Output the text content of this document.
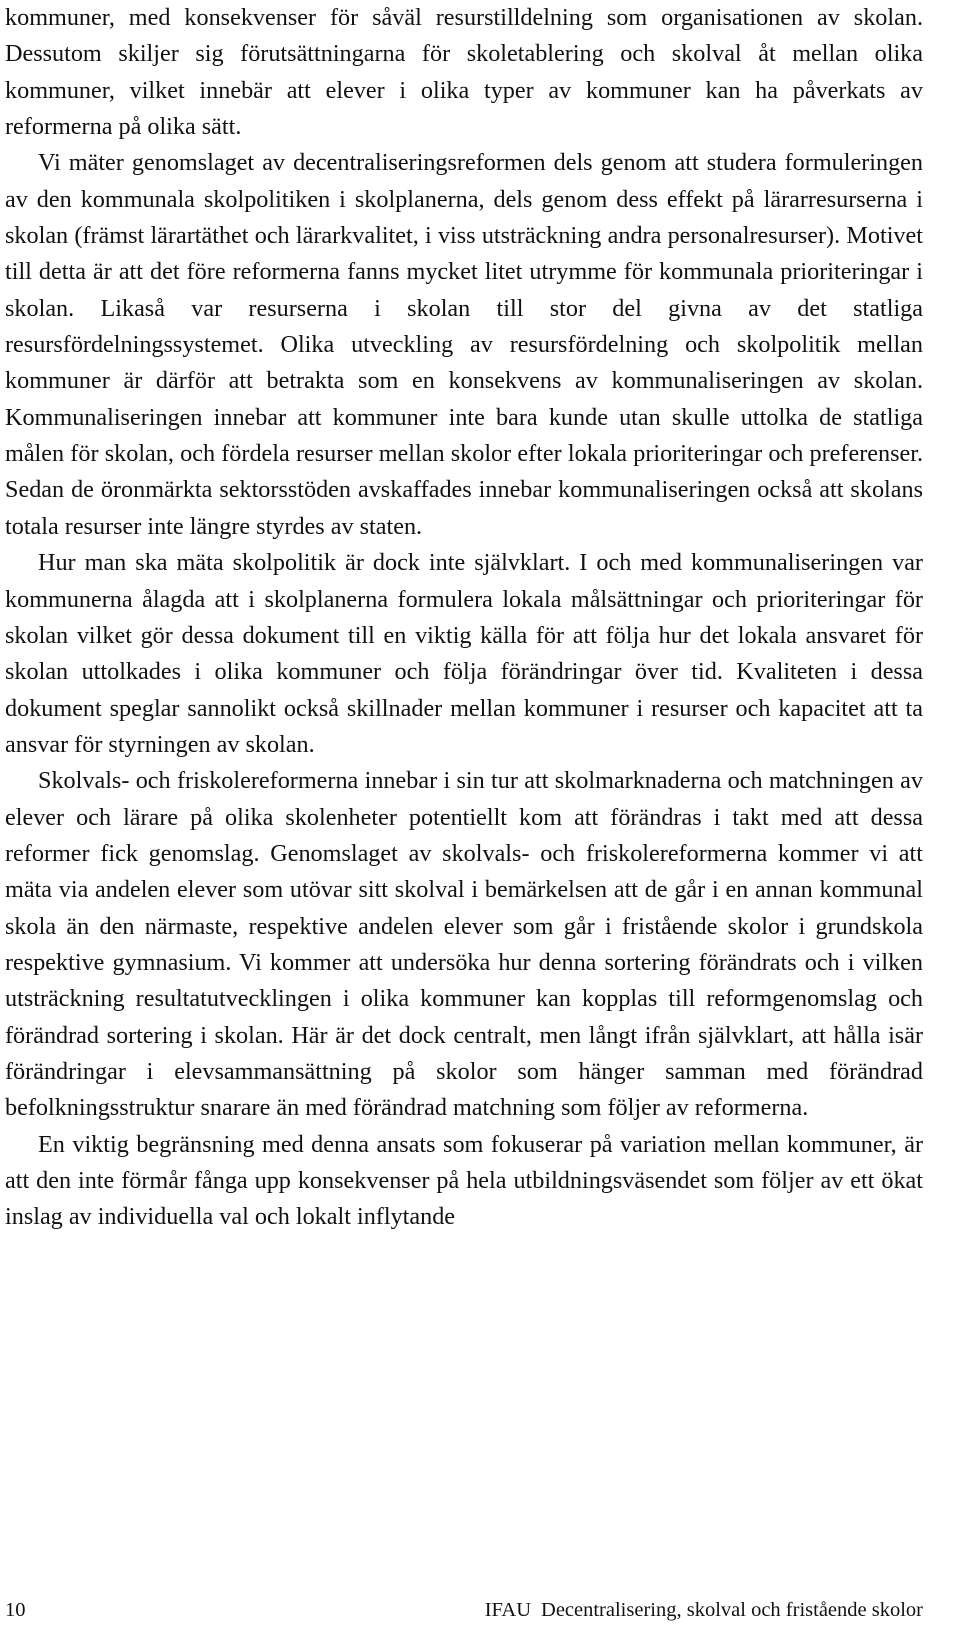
kommuner, med konsekvenser för såväl resurstilldelning som organisationen av skolan. Dessutom skiljer sig förutsättningarna för skoletablering och skolval åt mellan olika kommuner, vilket innebär att elever i olika typer av kommuner kan ha påverkats av reformerna på olika sätt.

Vi mäter genomslaget av decentraliseringsreformen dels genom att studera formuleringen av den kommunala skolpolitiken i skolplanerna, dels genom dess effekt på lärarresurserna i skolan (främst lärartäthet och lärarkvalitet, i viss utsträckning andra personalresurser). Motivet till detta är att det före reformerna fanns mycket litet utrymme för kommunala prioriteringar i skolan. Likaså var resurserna i skolan till stor del givna av det statliga resursfördelningssystemet. Olika utveckling av resursfördelning och skolpolitik mellan kommuner är därför att betrakta som en konsekvens av kommunaliseringen av skolan. Kommunaliseringen innebar att kommuner inte bara kunde utan skulle uttolka de statliga målen för skolan, och fördela resurser mellan skolor efter lokala prioriteringar och preferenser. Sedan de öronmärkta sektorsstöden avskaffades innebar kommunaliseringen också att skolans totala resurser inte längre styrdes av staten.

Hur man ska mäta skolpolitik är dock inte självklart. I och med kommunaliseringen var kommunerna ålagda att i skolplanerna formulera lokala målsättningar och prioriteringar för skolan vilket gör dessa dokument till en viktig källa för att följa hur det lokala ansvaret för skolan uttolkades i olika kommuner och följa förändringar över tid. Kvaliteten i dessa dokument speglar sannolikt också skillnader mellan kommuner i resurser och kapacitet att ta ansvar för styrningen av skolan.

Skolvals- och friskolereformerna innebar i sin tur att skolmarknaderna och matchningen av elever och lärare på olika skolenheter potentiellt kom att förändras i takt med att dessa reformer fick genomslag. Genomslaget av skolvals- och friskolereformerna kommer vi att mäta via andelen elever som utövar sitt skolval i bemärkelsen att de går i en annan kommunal skola än den närmaste, respektive andelen elever som går i fristående skolor i grundskola respektive gymnasium. Vi kommer att undersöka hur denna sortering förändrats och i vilken utsträckning resultatutvecklingen i olika kommuner kan kopplas till reformgenomslag och förändrad sortering i skolan. Här är det dock centralt, men långt ifrån självklart, att hålla isär förändringar i elevsammansättning på skolor som hänger samman med förändrad befolkningsstruktur snarare än med förändrad matchning som följer av reformerna.

En viktig begränsning med denna ansats som fokuserar på variation mellan kommuner, är att den inte förmår fånga upp konsekvenser på hela utbildningsväsendet som följer av ett ökat inslag av individuella val och lokalt inflytande

10	IFAU Decentralisering, skolval och fristående skolor
